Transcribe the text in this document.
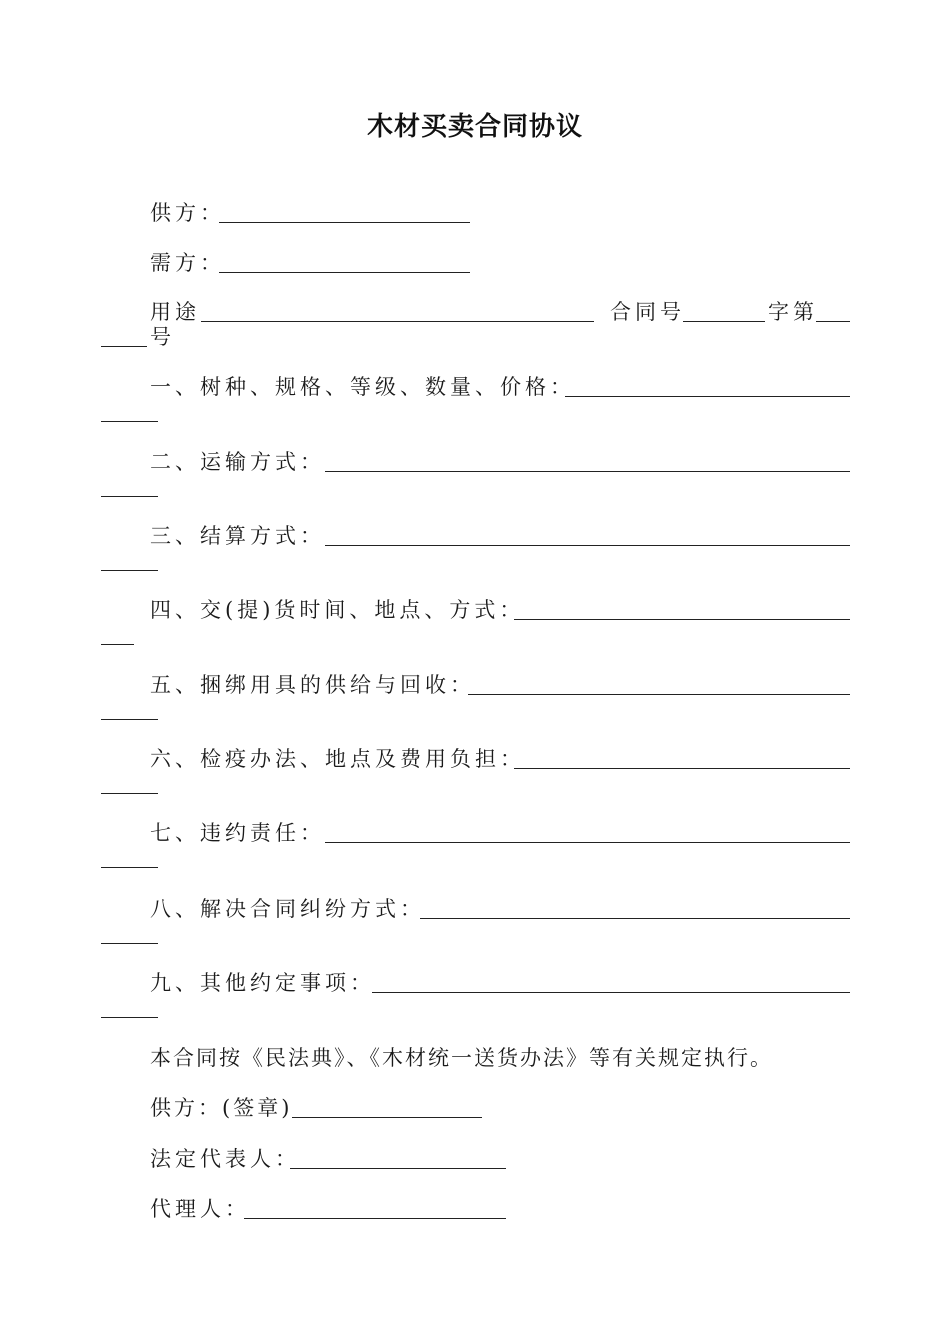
木材买卖合同协议
供方：
需方：
用途	合同号	字第
号
一、树种、规格、等级、数量、价格：
二、运输方式：
三、结算方式：
四、交(提)货时间、地点、方式：
五、捆绑用具的供给与回收：
六、检疫办法、地点及费用负担：
七、违约责任：
八、解决合同纠纷方式：
九、其他约定事项：
本合同按《民法典》、《木材统一送货办法》等有关规定执行。
供方：(签章)
法定代表人：
代理人：
